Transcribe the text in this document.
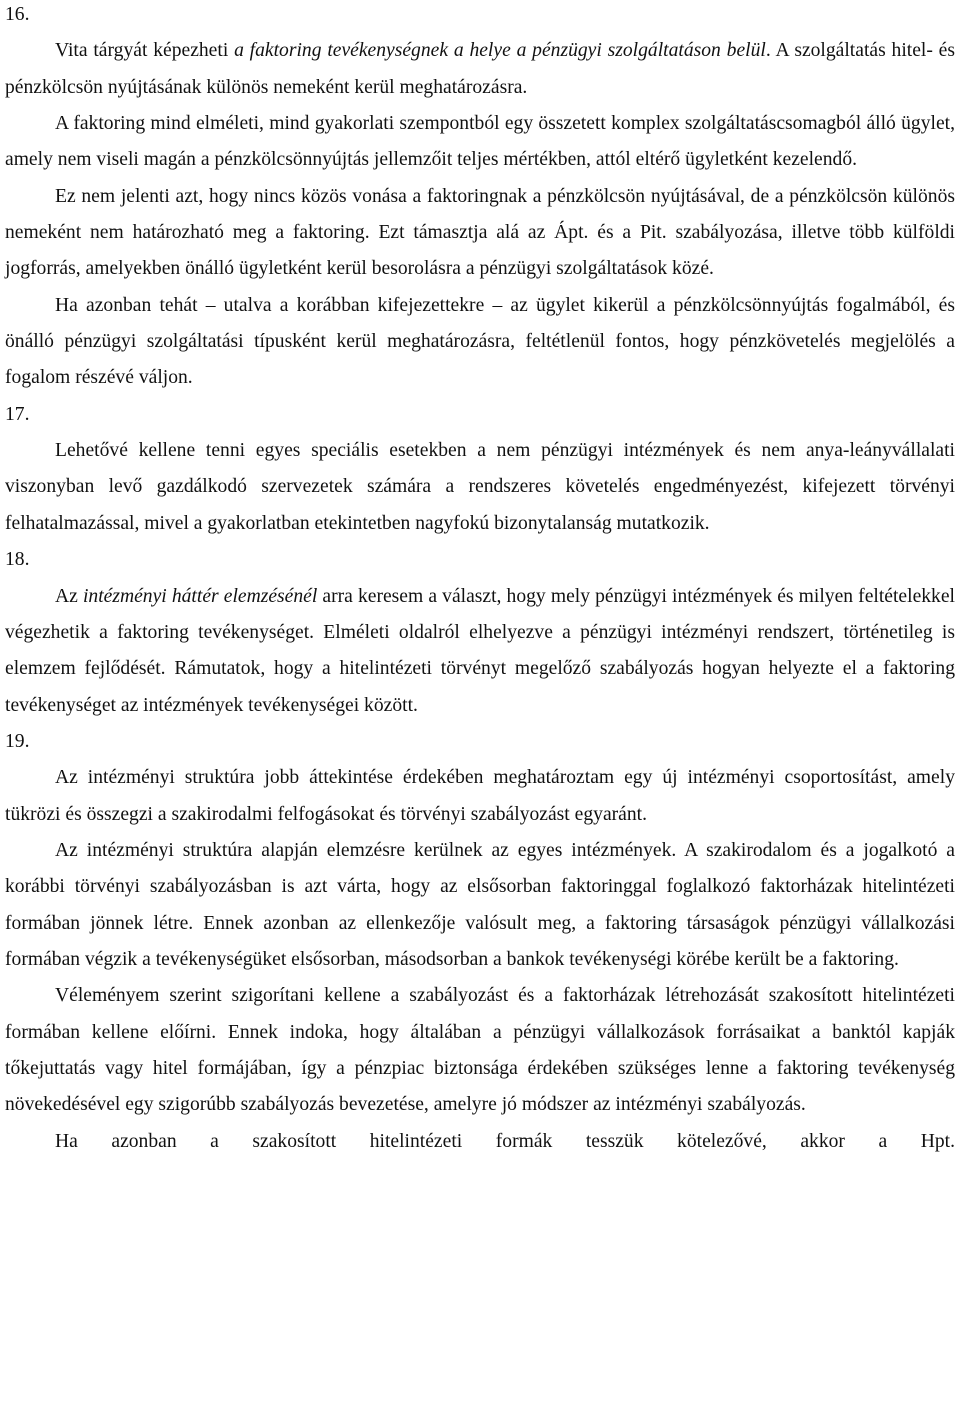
16.

Vita tárgyát képezheti a faktoring tevékenységnek a helye a pénzügyi szolgáltatáson belül. A szolgáltatás hitel- és pénzkölcsön nyújtásának különös nemeként kerül meghatározásra.

A faktoring mind elméleti, mind gyakorlati szempontból egy összetett komplex szolgáltatáscsomagból álló ügylet, amely nem viseli magán a pénzkölcsönnyújtás jellemzőit teljes mértékben, attól eltérő ügyletként kezelendő.

Ez nem jelenti azt, hogy nincs közös vonása a faktoringnak a pénzkölcsön nyújtásával, de a pénzkölcsön különös nemeként nem határozható meg a faktoring. Ezt támasztja alá az Ápt. és a Pit. szabályozása, illetve több külföldi jogforrás, amelyekben önálló ügyletként kerül besorolásra a pénzügyi szolgáltatások közé.

Ha azonban tehát – utalva a korábban kifejezettekre – az ügylet kikerül a pénzkölcsönnyújtás fogalmából, és önálló pénzügyi szolgáltatási típusként kerül meghatározásra, feltétlenül fontos, hogy pénzkövetelés megjelölés a fogalom részévé váljon.

17.

Lehetővé kellene tenni egyes speciális esetekben a nem pénzügyi intézmények és nem anya-leányvállalati viszonyban levő gazdálkodó szervezetek számára a rendszeres követelés engedményezést, kifejezett törvényi felhatalmazással, mivel a gyakorlatban etekintetben nagyfokú bizonytalanság mutatkozik.

18.

Az intézményi háttér elemzésénél arra keresem a választ, hogy mely pénzügyi intézmények és milyen feltételekkel végezhetik a faktoring tevékenységet. Elméleti oldalról elhelyezve a pénzügyi intézményi rendszert, történetileg is elemzem fejlődését. Rámutatok, hogy a hitelintézeti törvényt megelőző szabályozás hogyan helyezte el a faktoring tevékenységet az intézmények tevékenységei között.

19.

Az intézményi struktúra jobb áttekintése érdekében meghatároztam egy új intézményi csoportosítást, amely tükrözi és összegzi a szakirodalmi felfogásokat és törvényi szabályozást egyaránt.

Az intézményi struktúra alapján elemzésre kerülnek az egyes intézmények. A szakirodalom és a jogalkotó a korábbi törvényi szabályozásban is azt várta, hogy az elsősorban faktoringgal foglalkozó faktorházak hitelintézeti formában jönnek létre. Ennek azonban az ellenkezője valósult meg, a faktoring társaságok pénzügyi vállalkozási formában végzik a tevékenységüket elsősorban, másodsorban a bankok tevékenységi körébe került be a faktoring.

Véleményem szerint szigorítani kellene a szabályozást és a faktorházak létrehozását szakosított hitelintézeti formában kellene előírni. Ennek indoka, hogy általában a pénzügyi vállalkozások forrásaikat a banktól kapják tőkejuttatás vagy hitel formájában, így a pénzpiac biztonsága érdekében szükséges lenne a faktoring tevékenység növekedésével egy szigorúbb szabályozás bevezetése, amelyre jó módszer az intézményi szabályozás.

Ha azonban a szakosított hitelintézeti formák tesszük kötelezővé, akkor a Hpt.
